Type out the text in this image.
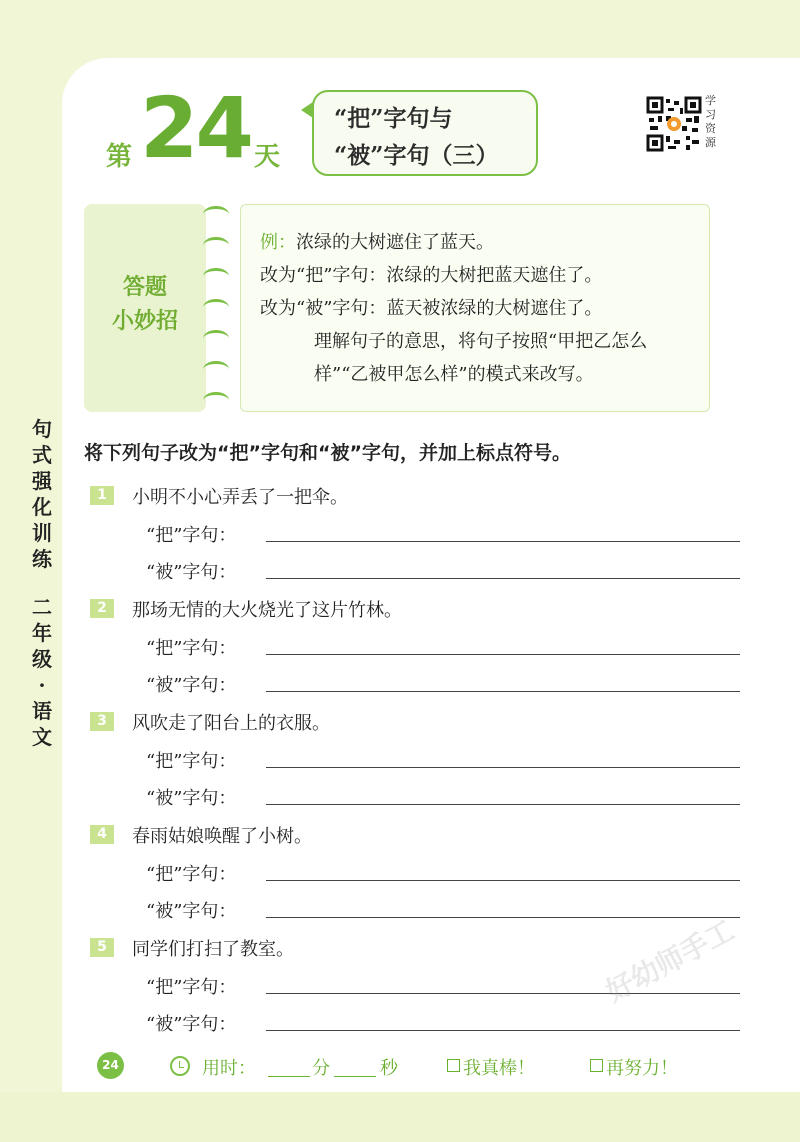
第 24 天
“把”字句与
“被”字句（三）
学习资源
答题
小妙招
例：浓绿的大树遮住了蓝天。
改为“把”字句：浓绿的大树把蓝天遮住了。
改为“被”字句：蓝天被浓绿的大树遮住了。
理解句子的意思，将句子按照“甲把乙怎么样”“乙被甲怎么样”的模式来改写。
句式强化训练
二年级·语文
将下列句子改为“把”字句和“被”字句，并加上标点符号。
1	小明不小心弄丢了一把伞。
“把”字句：
“被”字句：
2	那场无情的大火烧光了这片竹林。
“把”字句：
“被”字句：
3	风吹走了阳台上的衣服。
“把”字句：
“被”字句：
4	春雨姑娘唤醒了小树。
“把”字句：
“被”字句：
5	同学们打扫了教室。
“把”字句：
“被”字句：
24	用时：	分	秒	我真棒！	再努力！
好幼师手工
